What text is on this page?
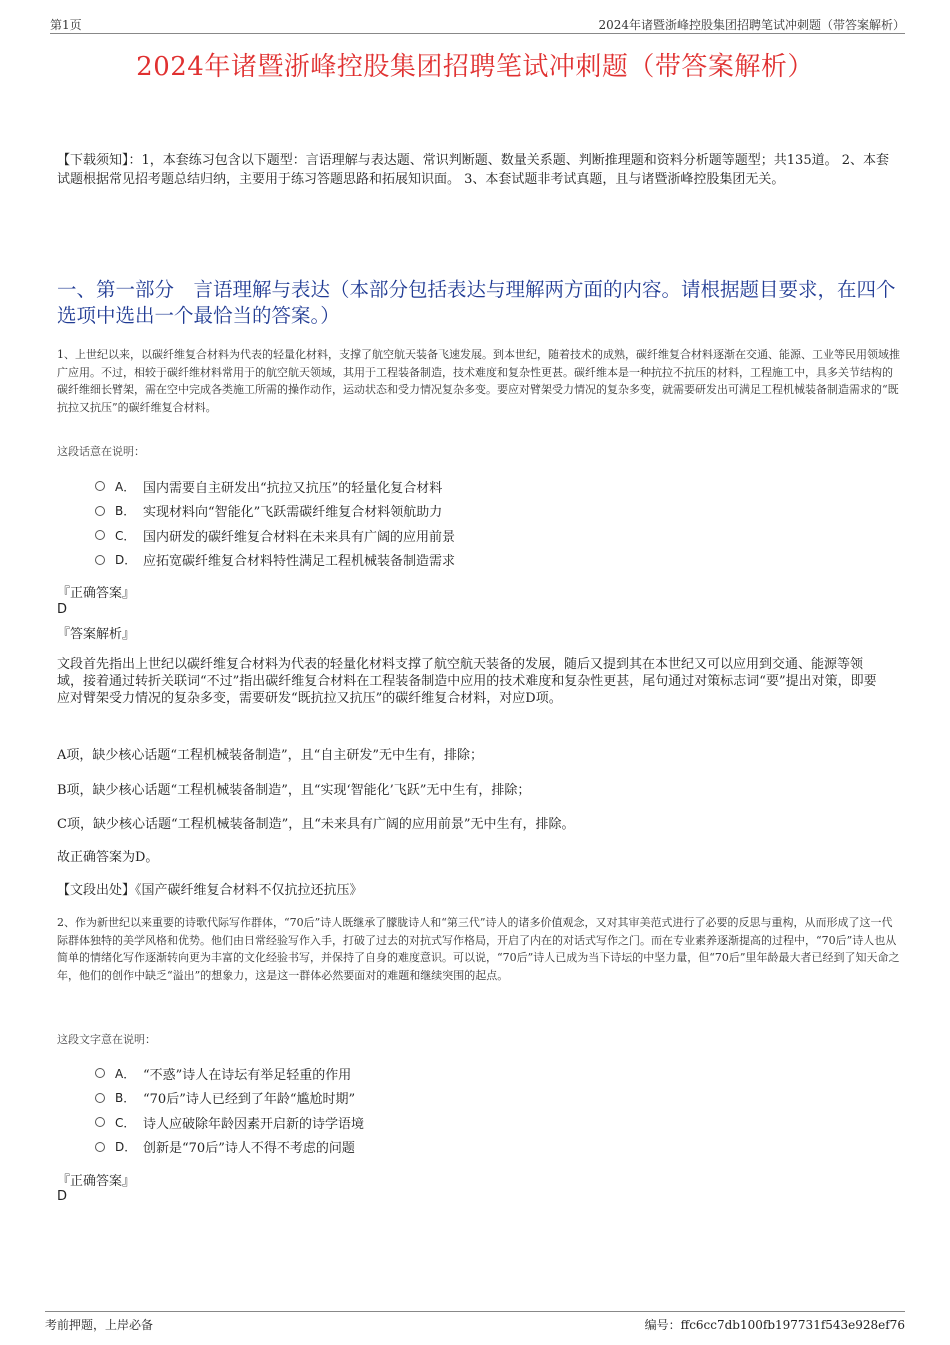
第1页	2024年诸暨浙峰控股集团招聘笔试冲刺题（带答案解析）
2024年诸暨浙峰控股集团招聘笔试冲刺题（带答案解析）
【下载须知】：1，本套练习包含以下题型：言语理解与表达题、常识判断题、数量关系题、判断推理题和资料分析题等题型；共135道。 2、本套试题根据常见招考题总结归纳，主要用于练习答题思路和拓展知识面。 3、本套试题非考试真题，且与诸暨浙峰控股集团无关。
一、第一部分　言语理解与表达（本部分包括表达与理解两方面的内容。请根据题目要求，在四个选项中选出一个最恰当的答案。）
1、上世纪以来，以碳纤维复合材料为代表的轻量化材料，支撑了航空航天装备飞速发展。到本世纪，随着技术的成熟，碳纤维复合材料逐渐在交通、能源、工业等民用领域推广应用。不过，相较于碳纤维材料常用于的航空航天领域，其用于工程装备制造，技术难度和复杂性更甚。碳纤维本是一种抗拉不抗压的材料，工程施工中，具多关节结构的碳纤维细长臂架，需在空中完成各类施工所需的操作动作，运动状态和受力情况复杂多变。要应对臂架受力情况的复杂多变，就需要研发出可满足工程机械装备制造需求的“既抗拉又抗压”的碳纤维复合材料。
这段话意在说明：
A． 国内需要自主研发出“抗拉又抗压”的轻量化复合材料
B． 实现材料向“智能化”飞跃需碳纤维复合材料领航助力
C． 国内研发的碳纤维复合材料在未来具有广阔的应用前景
D． 应拓宽碳纤维复合材料特性满足工程机械装备制造需求
『正确答案』
D
『答案解析』
文段首先指出上世纪以碳纤维复合材料为代表的轻量化材料支撑了航空航天装备的发展，随后又提到其在本世纪又可以应用到交通、能源等领域，接着通过转折关联词“不过”指出碳纤维复合材料在工程装备制造中应用的技术难度和复杂性更甚，尾句通过对策标志词“要”提出对策，即要应对臂架受力情况的复杂多变，需要研发“既抗拉又抗压”的碳纤维复合材料，对应D项。
A项，缺少核心话题“工程机械装备制造”，且“自主研发”无中生有，排除；
B项，缺少核心话题“工程机械装备制造”，且“实现‘智能化’飞跃”无中生有，排除；
C项，缺少核心话题“工程机械装备制造”，且“未来具有广阔的应用前景”无中生有，排除。
故正确答案为D。
【文段出处】《国产碳纤维复合材料不仅抗拉还抗压》
2、作为新世纪以来重要的诗歌代际写作群体，“70后”诗人既继承了朦胧诗人和“第三代”诗人的诸多价值观念，又对其审美范式进行了必要的反思与重构，从而形成了这一代际群体独特的美学风格和优势。他们由日常经验写作入手，打破了过去的对抗式写作格局，开启了内在的对话式写作之门。而在专业素养逐渐提高的过程中，“70后”诗人也从简单的情绪化写作逐渐转向更为丰富的文化经验书写，并保持了自身的难度意识。可以说，“70后”诗人已成为当下诗坛的中坚力量，但“70后”里年龄最大者已经到了知天命之年，他们的创作中缺乏“溢出”的想象力，这是这一群体必然要面对的难题和继续突围的起点。
这段文字意在说明：
A． “不惑”诗人在诗坛有举足轻重的作用
B． “70后”诗人已经到了年龄“尴尬时期”
C． 诗人应破除年龄因素开启新的诗学语境
D． 创新是“70后”诗人不得不考虑的问题
『正确答案』
D
考前押题，上岸必备	编号：ffc6cc7db100fb197731f543e928ef76
